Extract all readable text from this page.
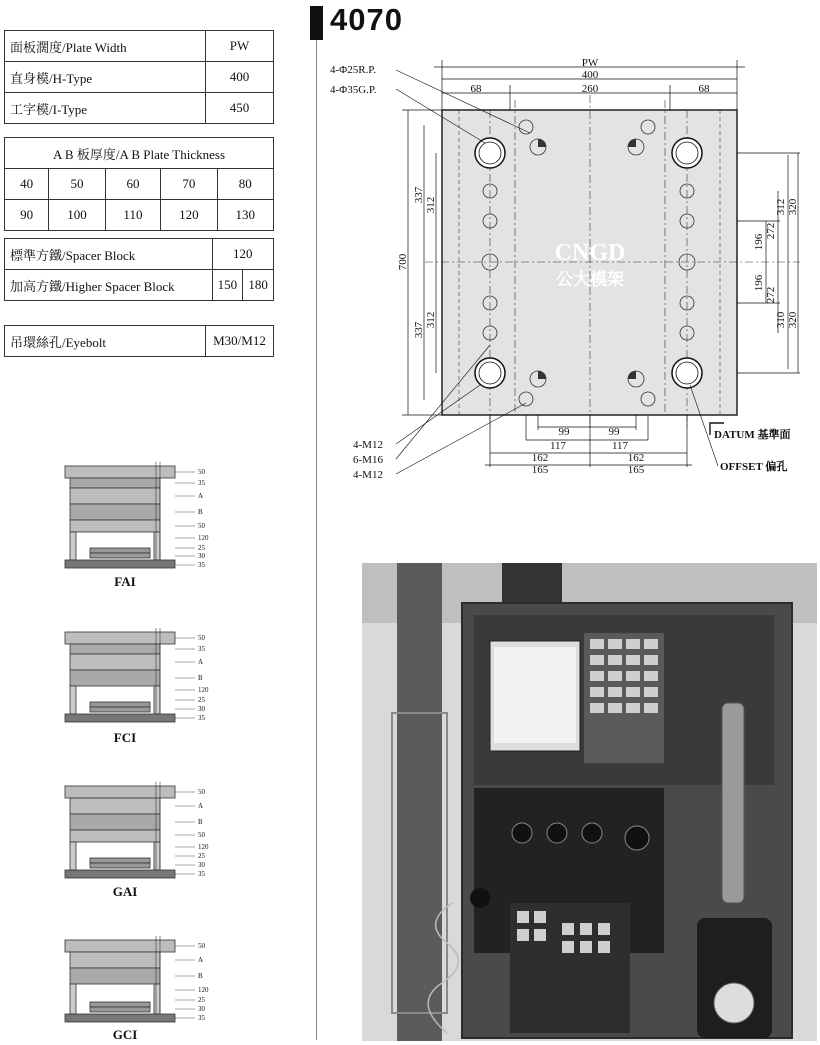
面板濶度/Plate Width	PW
直身模/H-Type	400
工字模/I-Type	450
A B 板厚度/A B Plate Thickness				
40	50	60	70	80
90	100	110	120	130
標準方鐵/Spacer Block	120	
加高方鐵/Higher Spacer Block	150	180
吊環絲孔/Eyebolt	M30/M12
50
35
A
B
50
120
25
30
35
FAI
50
35
A
B
120
25
30
35
FCI
50
A
B
50
120
25
30
35
GAI
50
A
B
120
25
30
35
GCI
4070
CNGD
公大模架
PW
400
68	260	68
4-Φ25R.P.
4-Φ35G.P.
700
337
312
337
312
312 320
272
196
196
272
310 320
99	99
117	117
162	162
165	165
4-M12
6-M16
4-M12
DATUM 基準面
OFFSET 偏孔
